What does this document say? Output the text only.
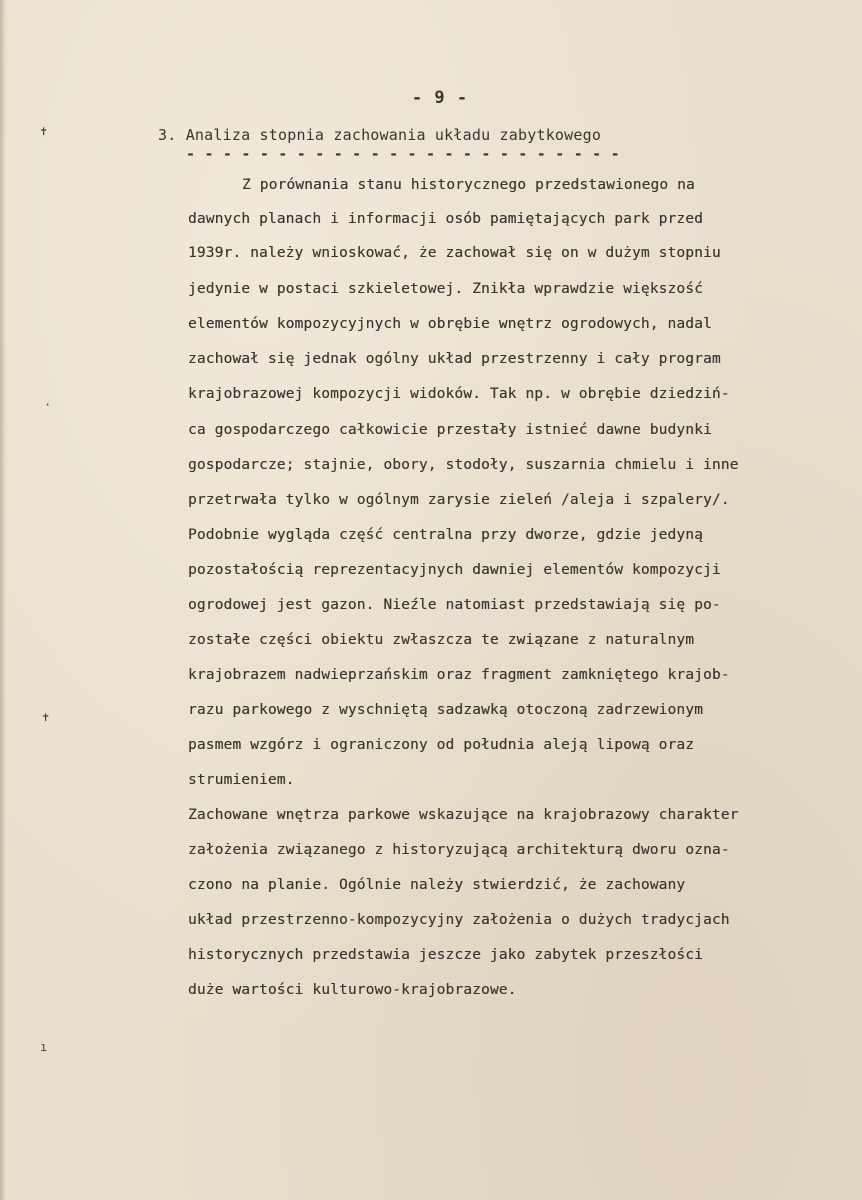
✝
·
✝
ı
- 9 -
3. Analiza stopnia zachowania układu zabytkowego
- - - - - - - - - - - - - - - - - - - - - - - -
Z porównania stanu historycznego przedstawionego na
dawnych planach i informacji osób pamiętających park przed
1939r. należy wnioskować, że zachował się on w dużym stopniu
jedynie w postaci szkieletowej. Znikła wprawdzie większość
elementów kompozycyjnych w obrębie wnętrz ogrodowych, nadal
zachował się jednak ogólny układ przestrzenny i cały program
krajobrazowej kompozycji widoków. Tak np. w obrębie dziedziń-
ca gospodarczego całkowicie przestały istnieć dawne budynki
gospodarcze; stajnie, obory, stodoły, suszarnia chmielu i inne
przetrwała tylko w ogólnym zarysie zieleń /aleja i szpalery/.
Podobnie wygląda część centralna przy dworze, gdzie jedyną
pozostałością reprezentacyjnych dawniej elementów kompozycji
ogrodowej jest gazon. Nieźle natomiast przedstawiają się po-
zostałe części obiektu zwłaszcza te związane z naturalnym
krajobrazem nadwieprzańskim oraz fragment zamkniętego krajob-
razu parkowego z wyschniętą sadzawką otoczoną zadrzewionym
pasmem wzgórz i ograniczony od południa aleją lipową oraz
strumieniem.
Zachowane wnętrza parkowe wskazujące na krajobrazowy charakter
założenia związanego z historyzującą architekturą dworu ozna-
czono na planie. Ogólnie należy stwierdzić, że zachowany
układ przestrzenno-kompozycyjny założenia o dużych tradycjach
historycznych przedstawia jeszcze jako zabytek przeszłości
duże wartości kulturowo-krajobrazowe.
